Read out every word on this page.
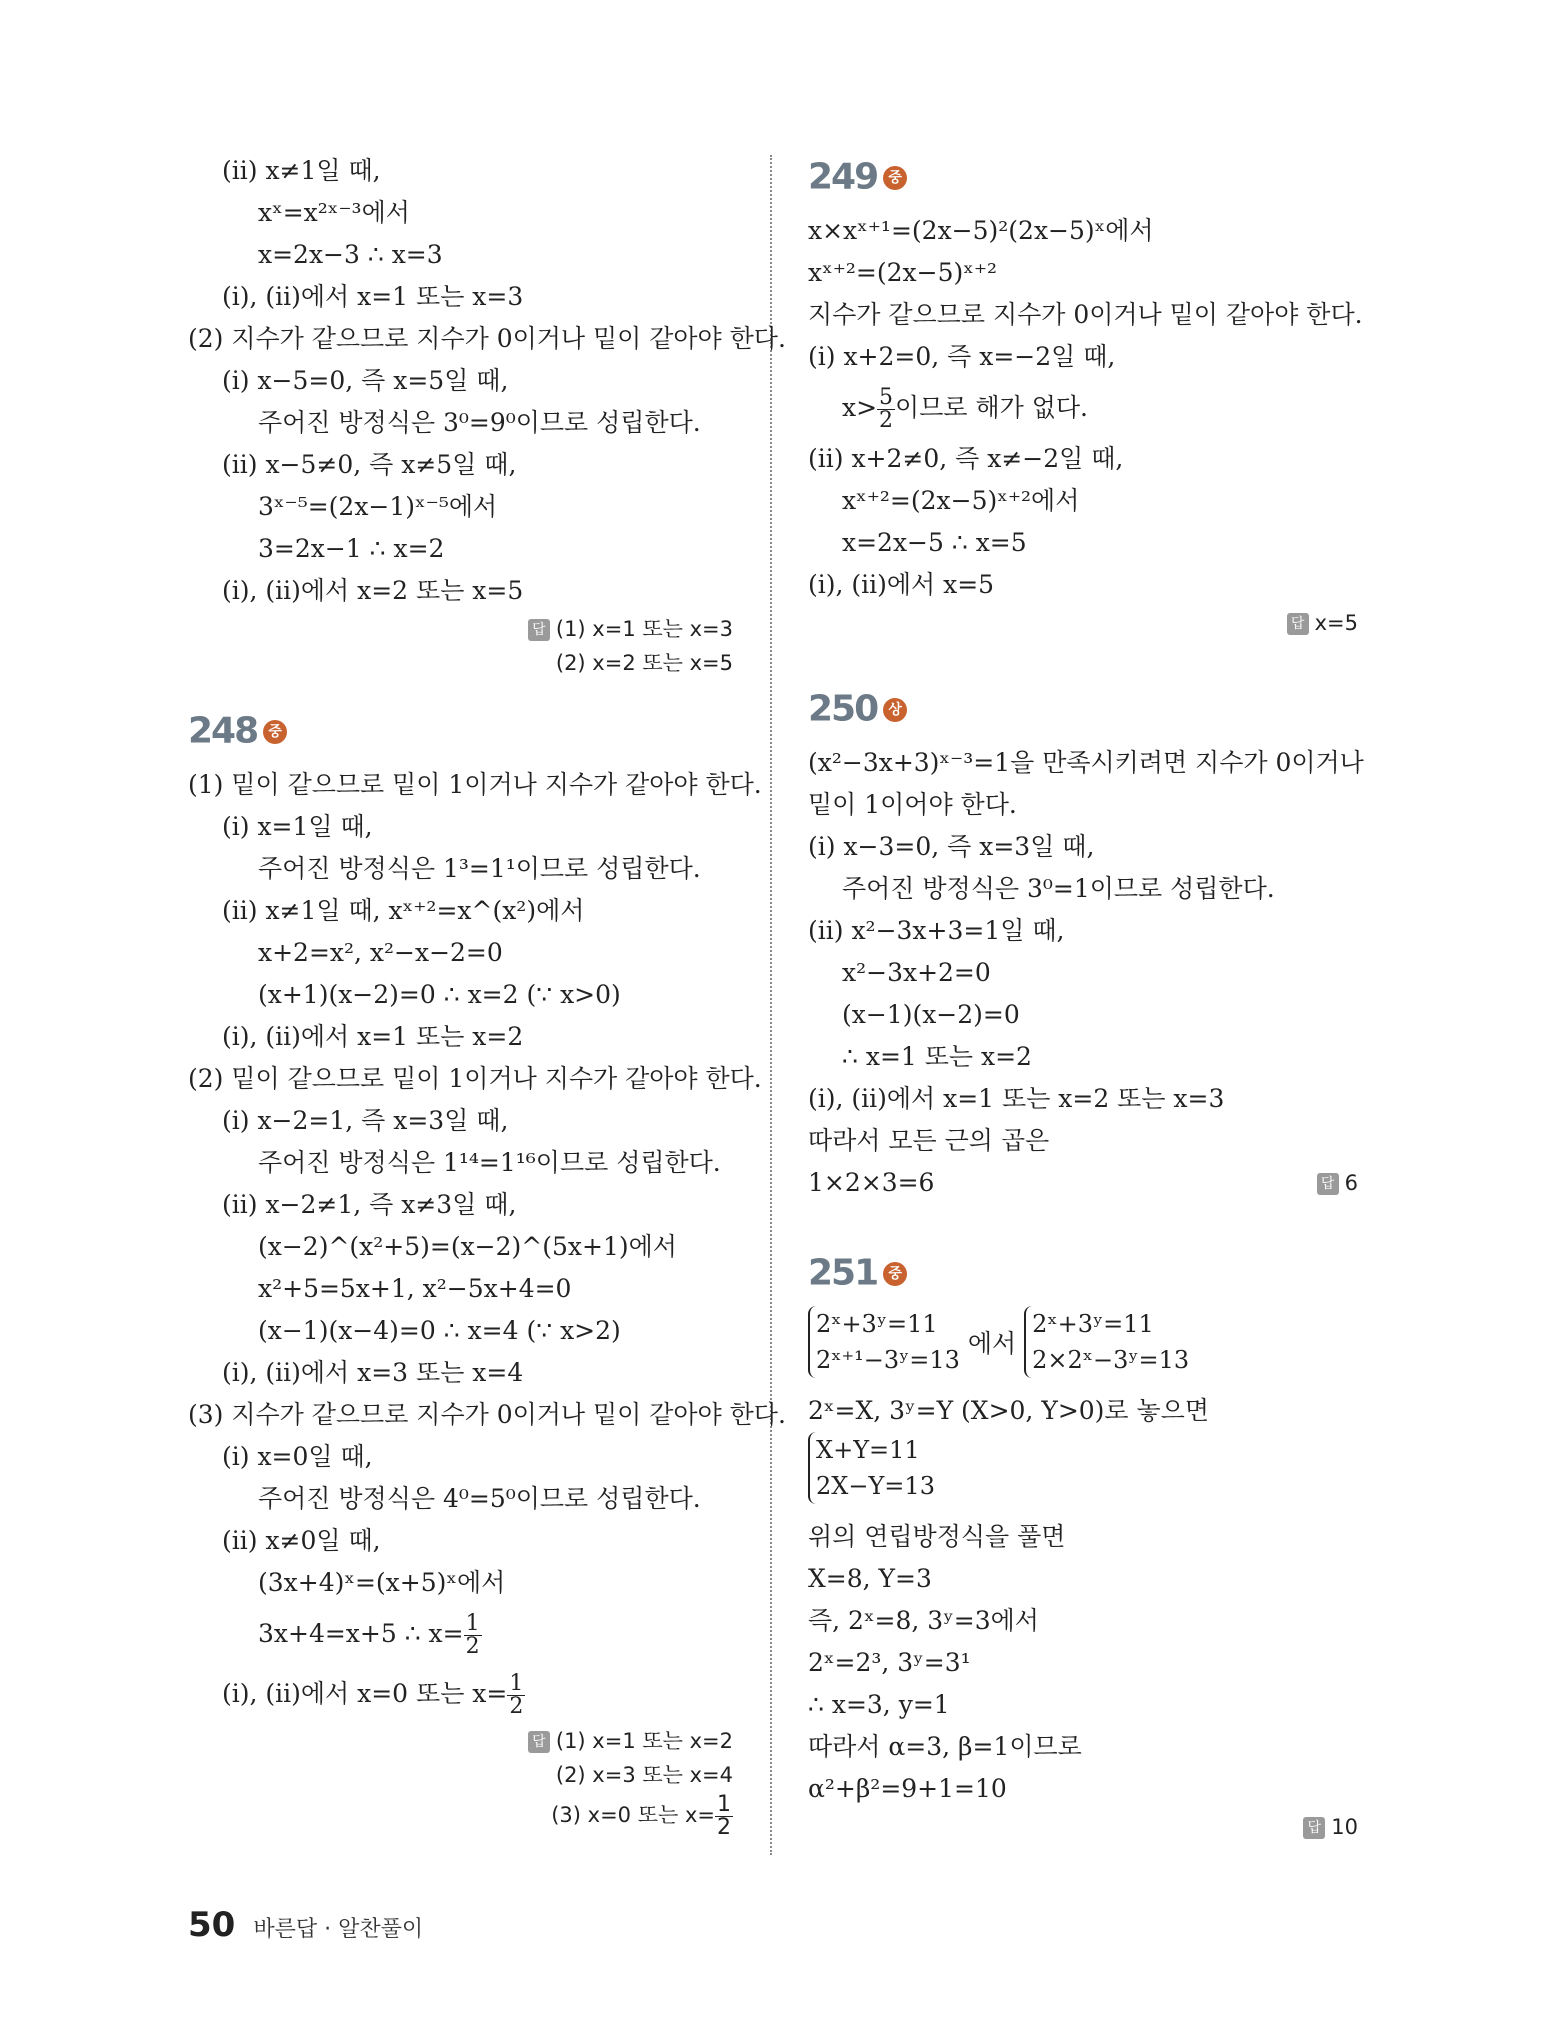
(ⅱ) x≠1일 때,
xˣ=x²ˣ⁻³에서
x=2x−3 ∴ x=3
(ⅰ), (ⅱ)에서 x=1 또는 x=3
(2) 지수가 같으므로 지수가 0이거나 밑이 같아야 한다.
(ⅰ) x−5=0, 즉 x=5일 때,
주어진 방정식은 3⁰=9⁰이므로 성립한다.
(ⅱ) x−5≠0, 즉 x≠5일 때,
3ˣ⁻⁵=(2x−1)ˣ⁻⁵에서
3=2x−1 ∴ x=2
(ⅰ), (ⅱ)에서 x=2 또는 x=5
답 (1) x=1 또는 x=3
(2) x=2 또는 x=5
248 중
(1) 밑이 같으므로 밑이 1이거나 지수가 같아야 한다.
(ⅰ) x=1일 때,
주어진 방정식은 1³=1¹이므로 성립한다.
(ⅱ) x≠1일 때, xˣ⁺²=x^(x²)에서
x+2=x², x²−x−2=0
(x+1)(x−2)=0 ∴ x=2 (∵ x>0)
(ⅰ), (ⅱ)에서 x=1 또는 x=2
(2) 밑이 같으므로 밑이 1이거나 지수가 같아야 한다.
(ⅰ) x−2=1, 즉 x=3일 때,
주어진 방정식은 1¹⁴=1¹⁶이므로 성립한다.
(ⅱ) x−2≠1, 즉 x≠3일 때,
(x−2)^(x²+5)=(x−2)^(5x+1)에서
x²+5=5x+1, x²−5x+4=0
(x−1)(x−4)=0 ∴ x=4 (∵ x>2)
(ⅰ), (ⅱ)에서 x=3 또는 x=4
(3) 지수가 같으므로 지수가 0이거나 밑이 같아야 한다.
(ⅰ) x=0일 때,
주어진 방정식은 4⁰=5⁰이므로 성립한다.
(ⅱ) x≠0일 때,
(3x+4)ˣ=(x+5)ˣ에서
3x+4=x+5 ∴ $x= \frac{1}{2}$
(ⅰ), (ⅱ)에서 x=0 또는 $x= \frac{1}{2}$
답 (1) x=1 또는 x=2
(2) x=3 또는 x=4
(3) x=0 또는 $x= \frac{1}{2}$
249 중
x×xˣ⁺¹=(2x−5)²(2x−5)ˣ에서
xˣ⁺²=(2x−5)ˣ⁺²
지수가 같으므로 지수가 0이거나 밑이 같아야 한다.
(ⅰ) x+2=0, 즉 x=−2일 때,
$x> \frac{5}{2}$ 이므로 해가 없다.
(ⅱ) x+2≠0, 즉 x≠−2일 때,
xˣ⁺²=(2x−5)ˣ⁺²에서
x=2x−5 ∴ x=5
(ⅰ), (ⅱ)에서 x=5
답 x=5
250 상
(x²−3x+3)ˣ⁻³=1을 만족시키려면 지수가 0이거나
밑이 1이어야 한다.
(ⅰ) x−3=0, 즉 x=3일 때,
주어진 방정식은 3⁰=1이므로 성립한다.
(ⅱ) x²−3x+3=1일 때,
x²−3x+2=0
(x−1)(x−2)=0
∴ x=1 또는 x=2
(ⅰ), (ⅱ)에서 x=1 또는 x=2 또는 x=3
따라서 모든 근의 곱은
1×2×3=6	답 6
251 중
2ˣ+3ʸ=11
2ˣ⁺¹−3ʸ=13
에서
2ˣ+3ʸ=11
2×2ˣ−3ʸ=13
2ˣ=X, 3ʸ=Y (X>0, Y>0)로 놓으면
X+Y=11
2X−Y=13
위의 연립방정식을 풀면
X=8, Y=3
즉, 2ˣ=8, 3ʸ=3에서
2ˣ=2³, 3ʸ=3¹
∴ x=3, y=1
따라서 α=3, β=1이므로
α²+β²=9+1=10
답 10
50 바른답 · 알찬풀이
